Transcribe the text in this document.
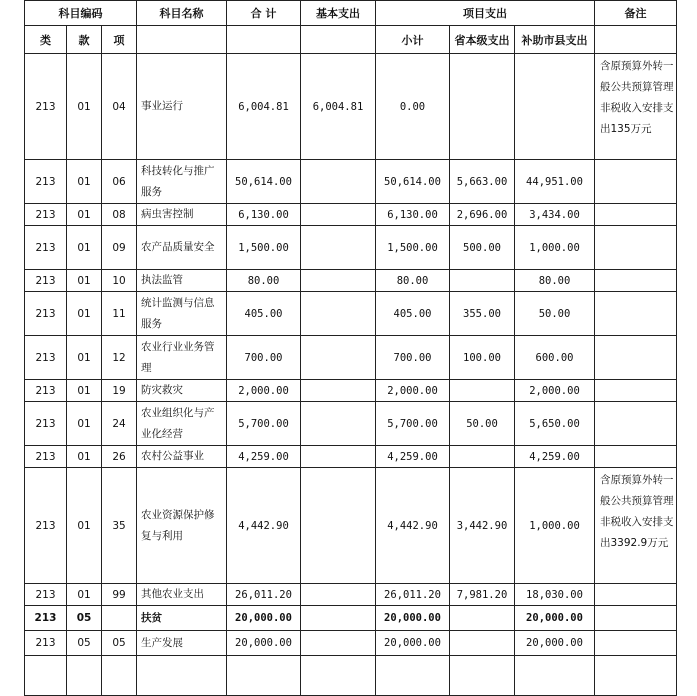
科目编码			科目名称	合 计	基本支出	项目支出			备注
类	款	项				小计	省本级支出	补助市县支出	
213	01	04	事业运行	6,004.81	6,004.81	0.00			含原预算外转一般公共预算管理非税收入安排支出135万元
213	01	06	科技转化与推广服务	50,614.00		50,614.00	5,663.00	44,951.00	
213	01	08	病虫害控制	6,130.00		6,130.00	2,696.00	3,434.00	
213	01	09	农产品质量安全	1,500.00		1,500.00	500.00	1,000.00	
213	01	10	执法监管	80.00		80.00		80.00	
213	01	11	统计监测与信息服务	405.00		405.00	355.00	50.00	
213	01	12	农业行业业务管理	700.00		700.00	100.00	600.00	
213	01	19	防灾救灾	2,000.00		2,000.00		2,000.00	
213	01	24	农业组织化与产业化经营	5,700.00		5,700.00	50.00	5,650.00	
213	01	26	农村公益事业	4,259.00		4,259.00		4,259.00	
213	01	35	农业资源保护修复与利用	4,442.90		4,442.90	3,442.90	1,000.00	含原预算外转一般公共预算管理非税收入安排支出3392.9万元
213	01	99	其他农业支出	26,011.20		26,011.20	7,981.20	18,030.00	
213	05		扶贫	20,000.00		20,000.00		20,000.00	
213	05	05	生产发展	20,000.00		20,000.00		20,000.00	
